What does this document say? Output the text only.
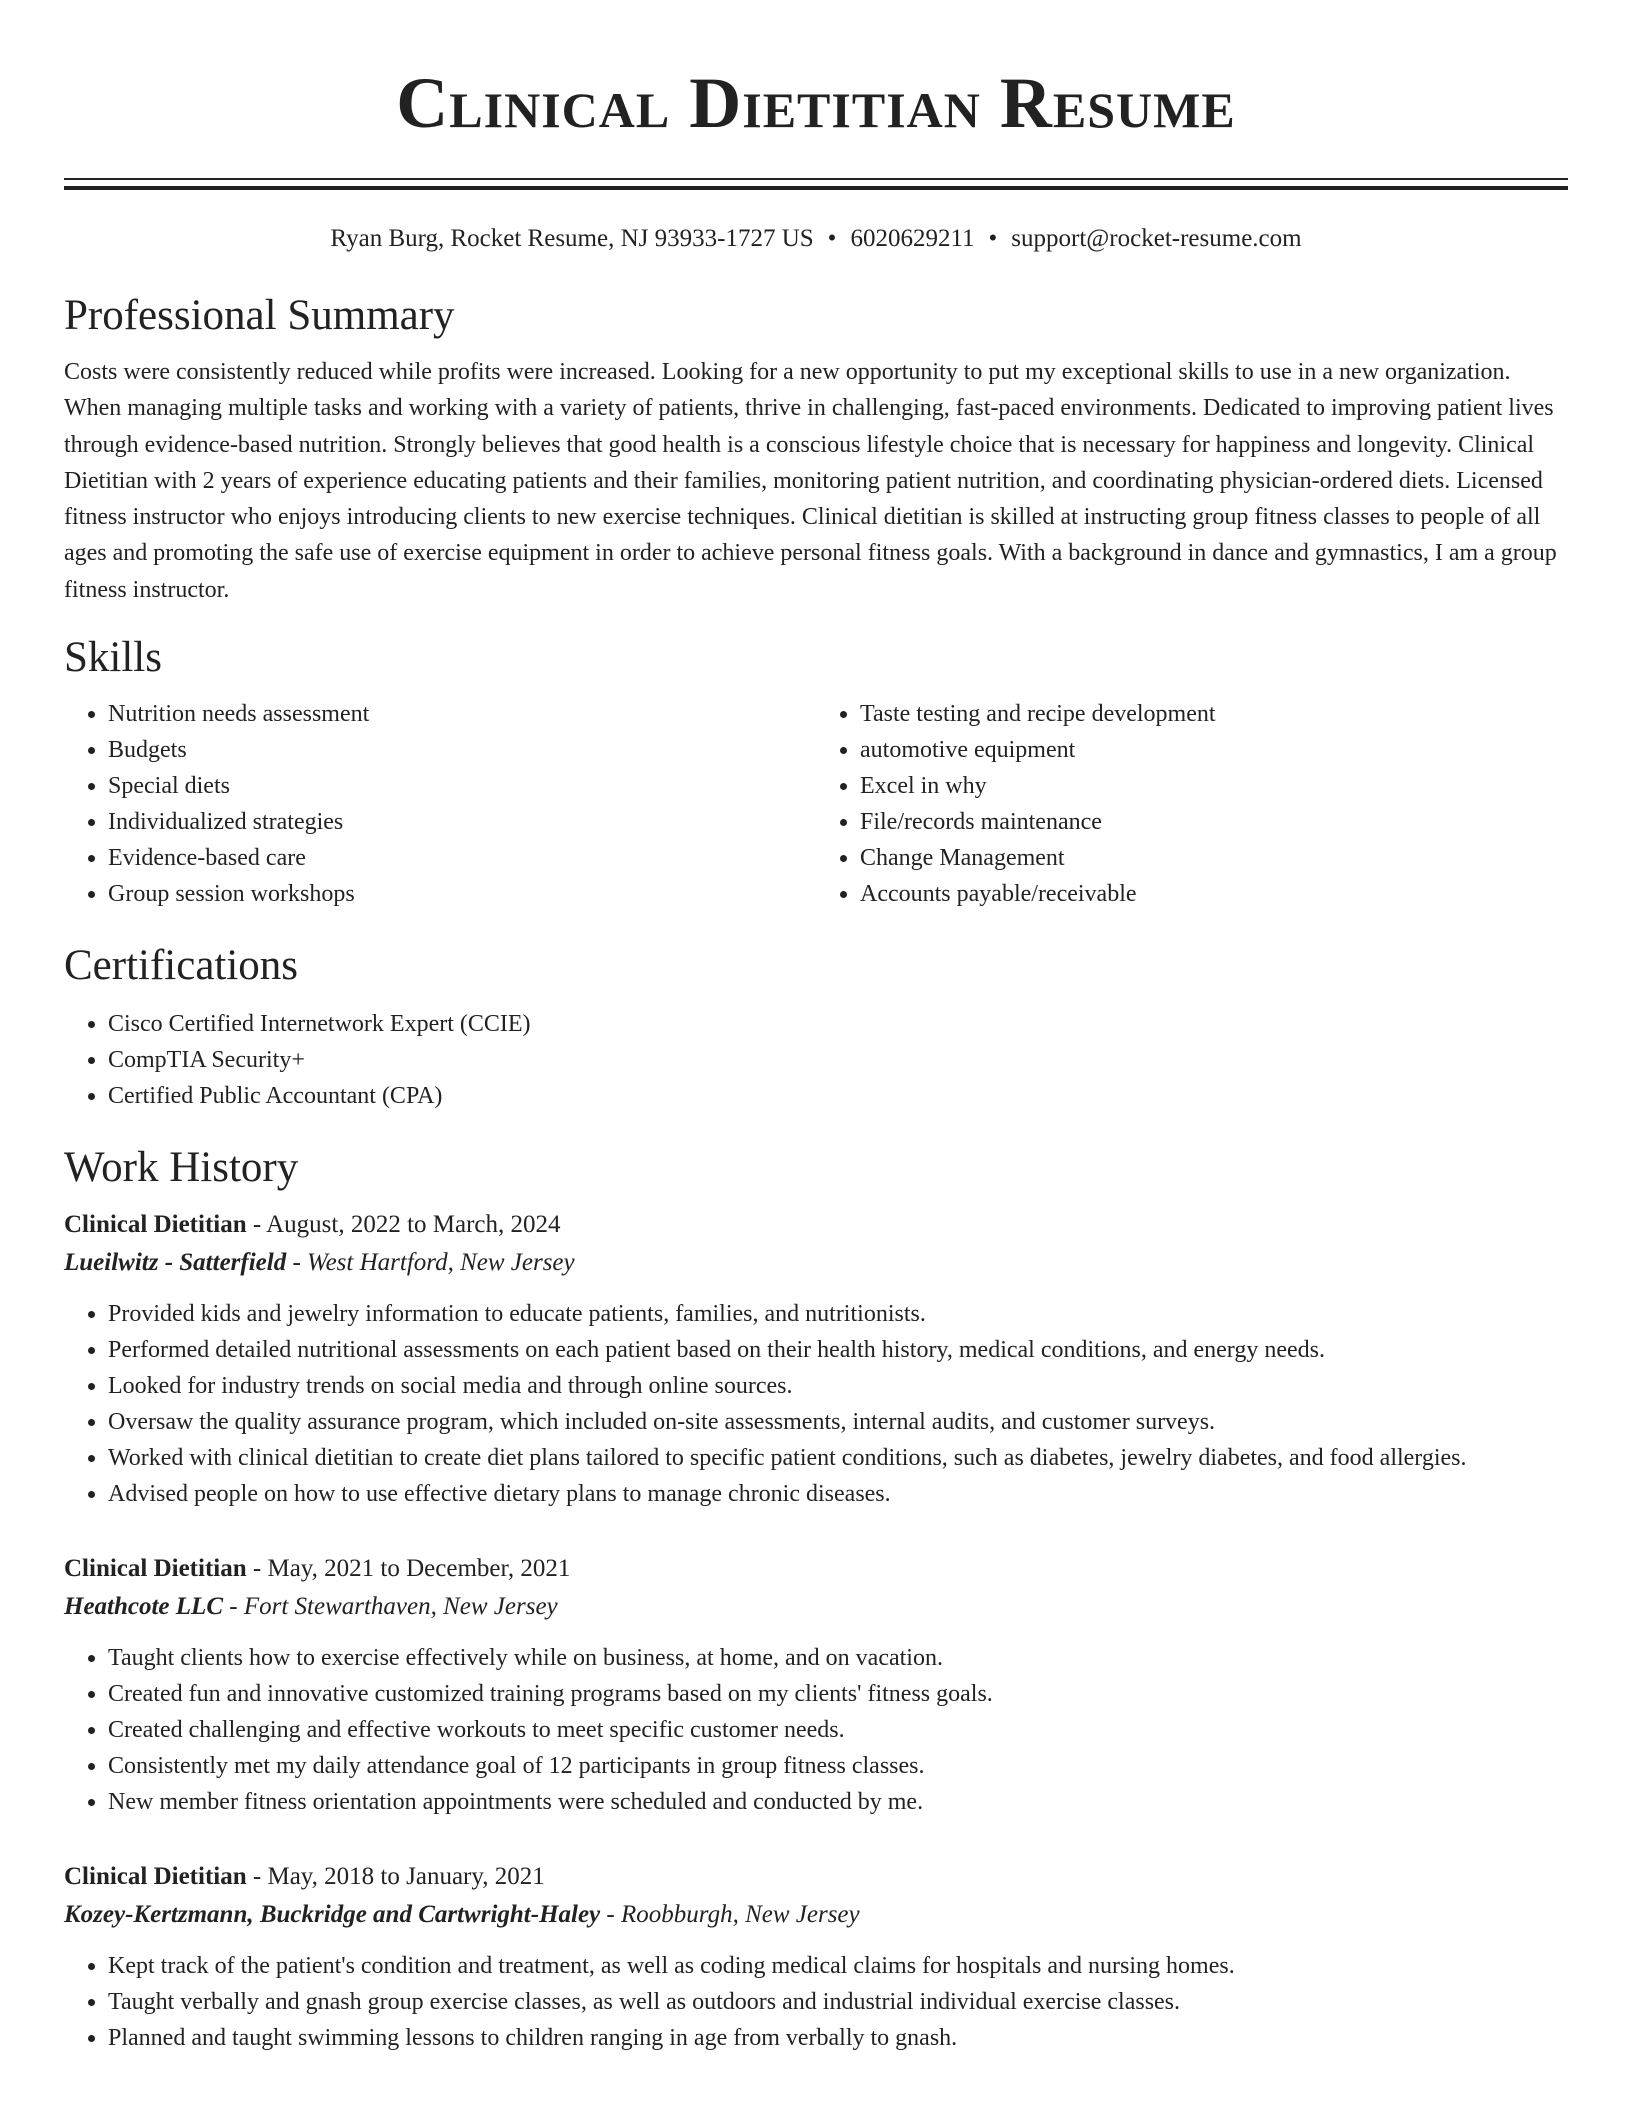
Clinical Dietitian Resume
Ryan Burg, Rocket Resume, NJ 93933-1727 US • 6020629211 • support@rocket-resume.com
Professional Summary
Costs were consistently reduced while profits were increased. Looking for a new opportunity to put my exceptional skills to use in a new organization. When managing multiple tasks and working with a variety of patients, thrive in challenging, fast-paced environments. Dedicated to improving patient lives through evidence-based nutrition. Strongly believes that good health is a conscious lifestyle choice that is necessary for happiness and longevity. Clinical Dietitian with 2 years of experience educating patients and their families, monitoring patient nutrition, and coordinating physician-ordered diets. Licensed fitness instructor who enjoys introducing clients to new exercise techniques. Clinical dietitian is skilled at instructing group fitness classes to people of all ages and promoting the safe use of exercise equipment in order to achieve personal fitness goals. With a background in dance and gymnastics, I am a group fitness instructor.
Skills
• Nutrition needs assessment
• Budgets
• Special diets
• Individualized strategies
• Evidence-based care
• Group session workshops
• Taste testing and recipe development
• automotive equipment
• Excel in why
• File/records maintenance
• Change Management
• Accounts payable/receivable
Certifications
• Cisco Certified Internetwork Expert (CCIE)
• CompTIA Security+
• Certified Public Accountant (CPA)
Work History
Clinical Dietitian - August, 2022 to March, 2024
Lueilwitz - Satterfield - West Hartford, New Jersey
• Provided kids and jewelry information to educate patients, families, and nutritionists.
• Performed detailed nutritional assessments on each patient based on their health history, medical conditions, and energy needs.
• Looked for industry trends on social media and through online sources.
• Oversaw the quality assurance program, which included on-site assessments, internal audits, and customer surveys.
• Worked with clinical dietitian to create diet plans tailored to specific patient conditions, such as diabetes, jewelry diabetes, and food allergies.
• Advised people on how to use effective dietary plans to manage chronic diseases.
Clinical Dietitian - May, 2021 to December, 2021
Heathcote LLC - Fort Stewarthaven, New Jersey
• Taught clients how to exercise effectively while on business, at home, and on vacation.
• Created fun and innovative customized training programs based on my clients' fitness goals.
• Created challenging and effective workouts to meet specific customer needs.
• Consistently met my daily attendance goal of 12 participants in group fitness classes.
• New member fitness orientation appointments were scheduled and conducted by me.
Clinical Dietitian - May, 2018 to January, 2021
Kozey-Kertzmann, Buckridge and Cartwright-Haley - Roobburgh, New Jersey
• Kept track of the patient's condition and treatment, as well as coding medical claims for hospitals and nursing homes.
• Taught verbally and gnash group exercise classes, as well as outdoors and industrial individual exercise classes.
• Planned and taught swimming lessons to children ranging in age from verbally to gnash.
